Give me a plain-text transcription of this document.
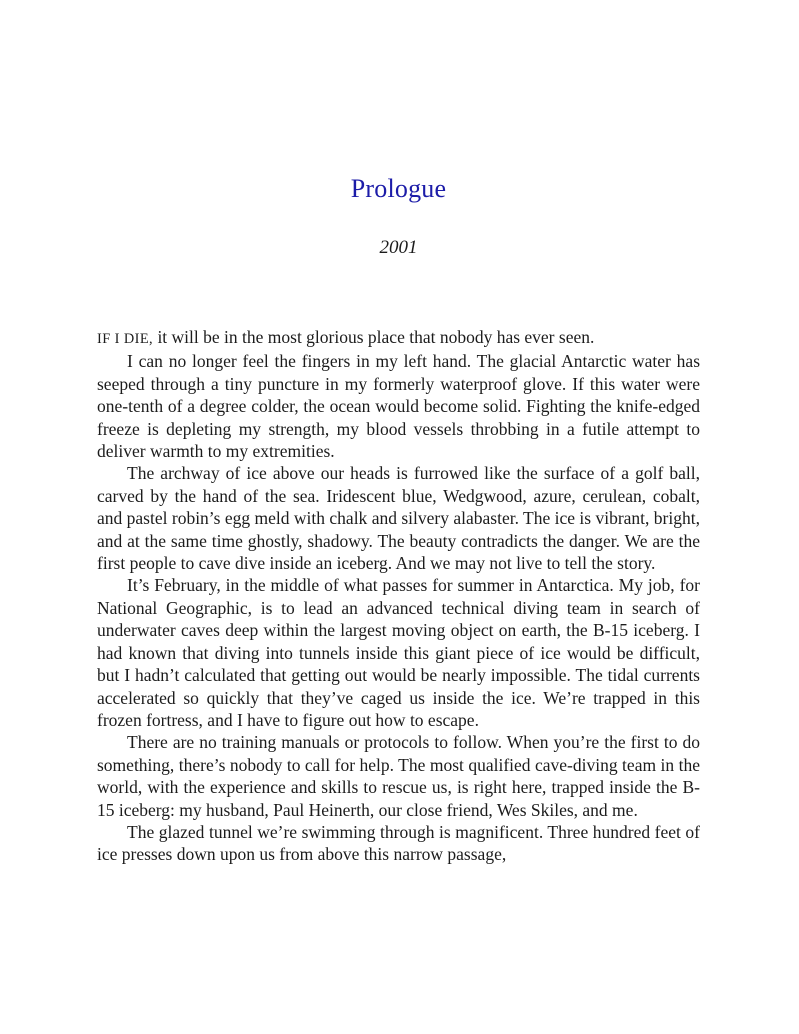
Prologue
2001

IF I DIE, it will be in the most glorious place that nobody has ever seen.

I can no longer feel the fingers in my left hand. The glacial Antarctic water has seeped through a tiny puncture in my formerly waterproof glove. If this water were one-tenth of a degree colder, the ocean would become solid. Fighting the knife-edged freeze is depleting my strength, my blood vessels throbbing in a futile attempt to deliver warmth to my extremities.

The archway of ice above our heads is furrowed like the surface of a golf ball, carved by the hand of the sea. Iridescent blue, Wedgwood, azure, cerulean, cobalt, and pastel robin’s egg meld with chalk and silvery alabaster. The ice is vibrant, bright, and at the same time ghostly, shadowy. The beauty contradicts the danger. We are the first people to cave dive inside an iceberg. And we may not live to tell the story.

It’s February, in the middle of what passes for summer in Antarctica. My job, for National Geographic, is to lead an advanced technical diving team in search of underwater caves deep within the largest moving object on earth, the B-15 iceberg. I had known that diving into tunnels inside this giant piece of ice would be difficult, but I hadn’t calculated that getting out would be nearly impossible. The tidal currents accelerated so quickly that they’ve caged us inside the ice. We’re trapped in this frozen fortress, and I have to figure out how to escape.

There are no training manuals or protocols to follow. When you’re the first to do something, there’s nobody to call for help. The most qualified cave-diving team in the world, with the experience and skills to rescue us, is right here, trapped inside the B-15 iceberg: my husband, Paul Heinerth, our close friend, Wes Skiles, and me.

The glazed tunnel we’re swimming through is magnificent. Three hundred feet of ice presses down upon us from above this narrow passage,
